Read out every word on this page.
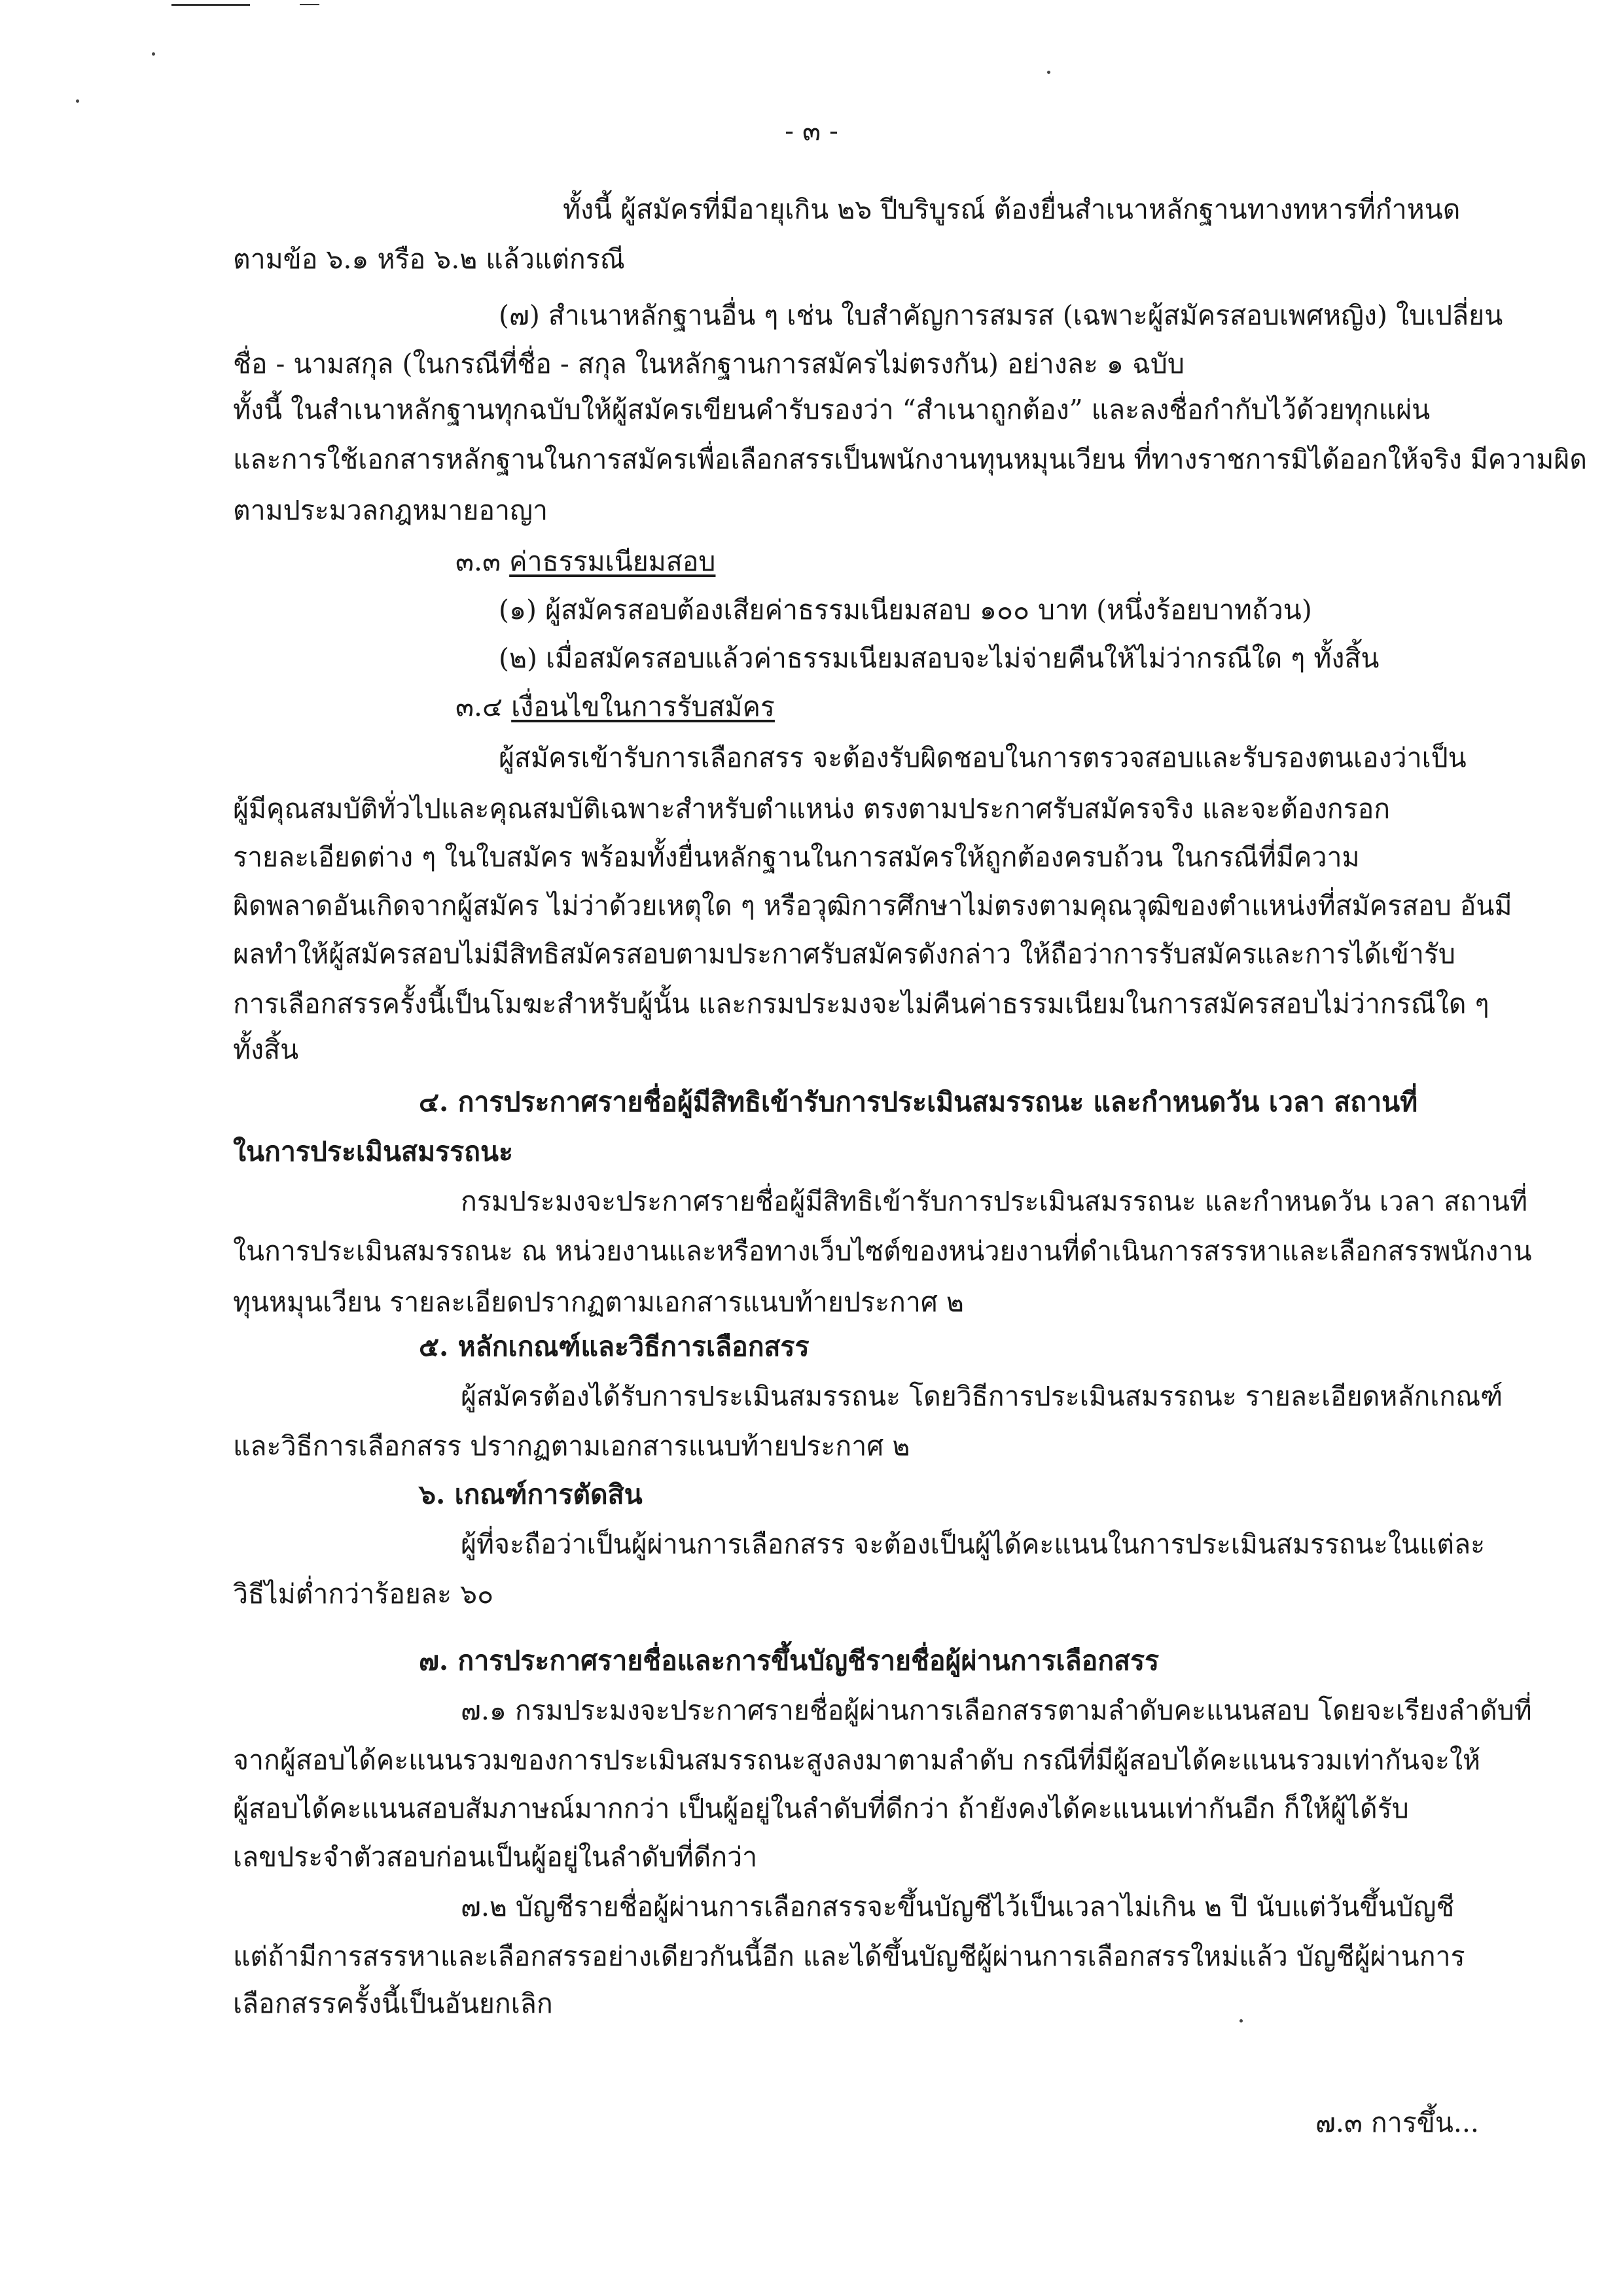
- ๓ -
ทั้งนี้ ผู้สมัครที่มีอายุเกิน ๒๖ ปีบริบูรณ์ ต้องยื่นสำเนาหลักฐานทางทหารที่กำหนด
ตามข้อ ๖.๑ หรือ ๖.๒ แล้วแต่กรณี
(๗) สำเนาหลักฐานอื่น ๆ เช่น ใบสำคัญการสมรส (เฉพาะผู้สมัครสอบเพศหญิง) ใบเปลี่ยน
ชื่อ - นามสกุล (ในกรณีที่ชื่อ - สกุล ในหลักฐานการสมัครไม่ตรงกัน) อย่างละ ๑ ฉบับ
ทั้งนี้ ในสำเนาหลักฐานทุกฉบับให้ผู้สมัครเขียนคำรับรองว่า “สำเนาถูกต้อง” และลงชื่อกำกับไว้ด้วยทุกแผ่น
และการใช้เอกสารหลักฐานในการสมัครเพื่อเลือกสรรเป็นพนักงานทุนหมุนเวียน ที่ทางราชการมิได้ออกให้จริง มีความผิด
ตามประมวลกฎหมายอาญา
๓.๓ ค่าธรรมเนียมสอบ
(๑) ผู้สมัครสอบต้องเสียค่าธรรมเนียมสอบ ๑๐๐ บาท (หนึ่งร้อยบาทถ้วน)
(๒) เมื่อสมัครสอบแล้วค่าธรรมเนียมสอบจะไม่จ่ายคืนให้ไม่ว่ากรณีใด ๆ ทั้งสิ้น
๓.๔ เงื่อนไขในการรับสมัคร
ผู้สมัครเข้ารับการเลือกสรร จะต้องรับผิดชอบในการตรวจสอบและรับรองตนเองว่าเป็น
ผู้มีคุณสมบัติทั่วไปและคุณสมบัติเฉพาะสำหรับตำแหน่ง ตรงตามประกาศรับสมัครจริง และจะต้องกรอก
รายละเอียดต่าง ๆ ในใบสมัคร พร้อมทั้งยื่นหลักฐานในการสมัครให้ถูกต้องครบถ้วน ในกรณีที่มีความ
ผิดพลาดอันเกิดจากผู้สมัคร ไม่ว่าด้วยเหตุใด ๆ หรือวุฒิการศึกษาไม่ตรงตามคุณวุฒิของตำแหน่งที่สมัครสอบ อันมี
ผลทำให้ผู้สมัครสอบไม่มีสิทธิสมัครสอบตามประกาศรับสมัครดังกล่าว ให้ถือว่าการรับสมัครและการได้เข้ารับ
การเลือกสรรครั้งนี้เป็นโมฆะสำหรับผู้นั้น และกรมประมงจะไม่คืนค่าธรรมเนียมในการสมัครสอบไม่ว่ากรณีใด ๆ
ทั้งสิ้น
๔. การประกาศรายชื่อผู้มีสิทธิเข้ารับการประเมินสมรรถนะ และกำหนดวัน เวลา สถานที่
ในการประเมินสมรรถนะ
กรมประมงจะประกาศรายชื่อผู้มีสิทธิเข้ารับการประเมินสมรรถนะ และกำหนดวัน เวลา สถานที่
ในการประเมินสมรรถนะ ณ หน่วยงานและหรือทางเว็บไซต์ของหน่วยงานที่ดำเนินการสรรหาและเลือกสรรพนักงาน
ทุนหมุนเวียน รายละเอียดปรากฏตามเอกสารแนบท้ายประกาศ ๒
๕. หลักเกณฑ์และวิธีการเลือกสรร
ผู้สมัครต้องได้รับการประเมินสมรรถนะ โดยวิธีการประเมินสมรรถนะ รายละเอียดหลักเกณฑ์
และวิธีการเลือกสรร ปรากฏตามเอกสารแนบท้ายประกาศ ๒
๖. เกณฑ์การตัดสิน
ผู้ที่จะถือว่าเป็นผู้ผ่านการเลือกสรร จะต้องเป็นผู้ได้คะแนนในการประเมินสมรรถนะในแต่ละ
วิธีไม่ต่ำกว่าร้อยละ ๖๐
๗. การประกาศรายชื่อและการขึ้นบัญชีรายชื่อผู้ผ่านการเลือกสรร
๗.๑ กรมประมงจะประกาศรายชื่อผู้ผ่านการเลือกสรรตามลำดับคะแนนสอบ โดยจะเรียงลำดับที่
จากผู้สอบได้คะแนนรวมของการประเมินสมรรถนะสูงลงมาตามลำดับ กรณีที่มีผู้สอบได้คะแนนรวมเท่ากันจะให้
ผู้สอบได้คะแนนสอบสัมภาษณ์มากกว่า เป็นผู้อยู่ในลำดับที่ดีกว่า ถ้ายังคงได้คะแนนเท่ากันอีก ก็ให้ผู้ได้รับ
เลขประจำตัวสอบก่อนเป็นผู้อยู่ในลำดับที่ดีกว่า
๗.๒ บัญชีรายชื่อผู้ผ่านการเลือกสรรจะขึ้นบัญชีไว้เป็นเวลาไม่เกิน ๒ ปี นับแต่วันขึ้นบัญชี
แต่ถ้ามีการสรรหาและเลือกสรรอย่างเดียวกันนี้อีก และได้ขึ้นบัญชีผู้ผ่านการเลือกสรรใหม่แล้ว บัญชีผู้ผ่านการ
เลือกสรรครั้งนี้เป็นอันยกเลิก
๗.๓ การขึ้น...
